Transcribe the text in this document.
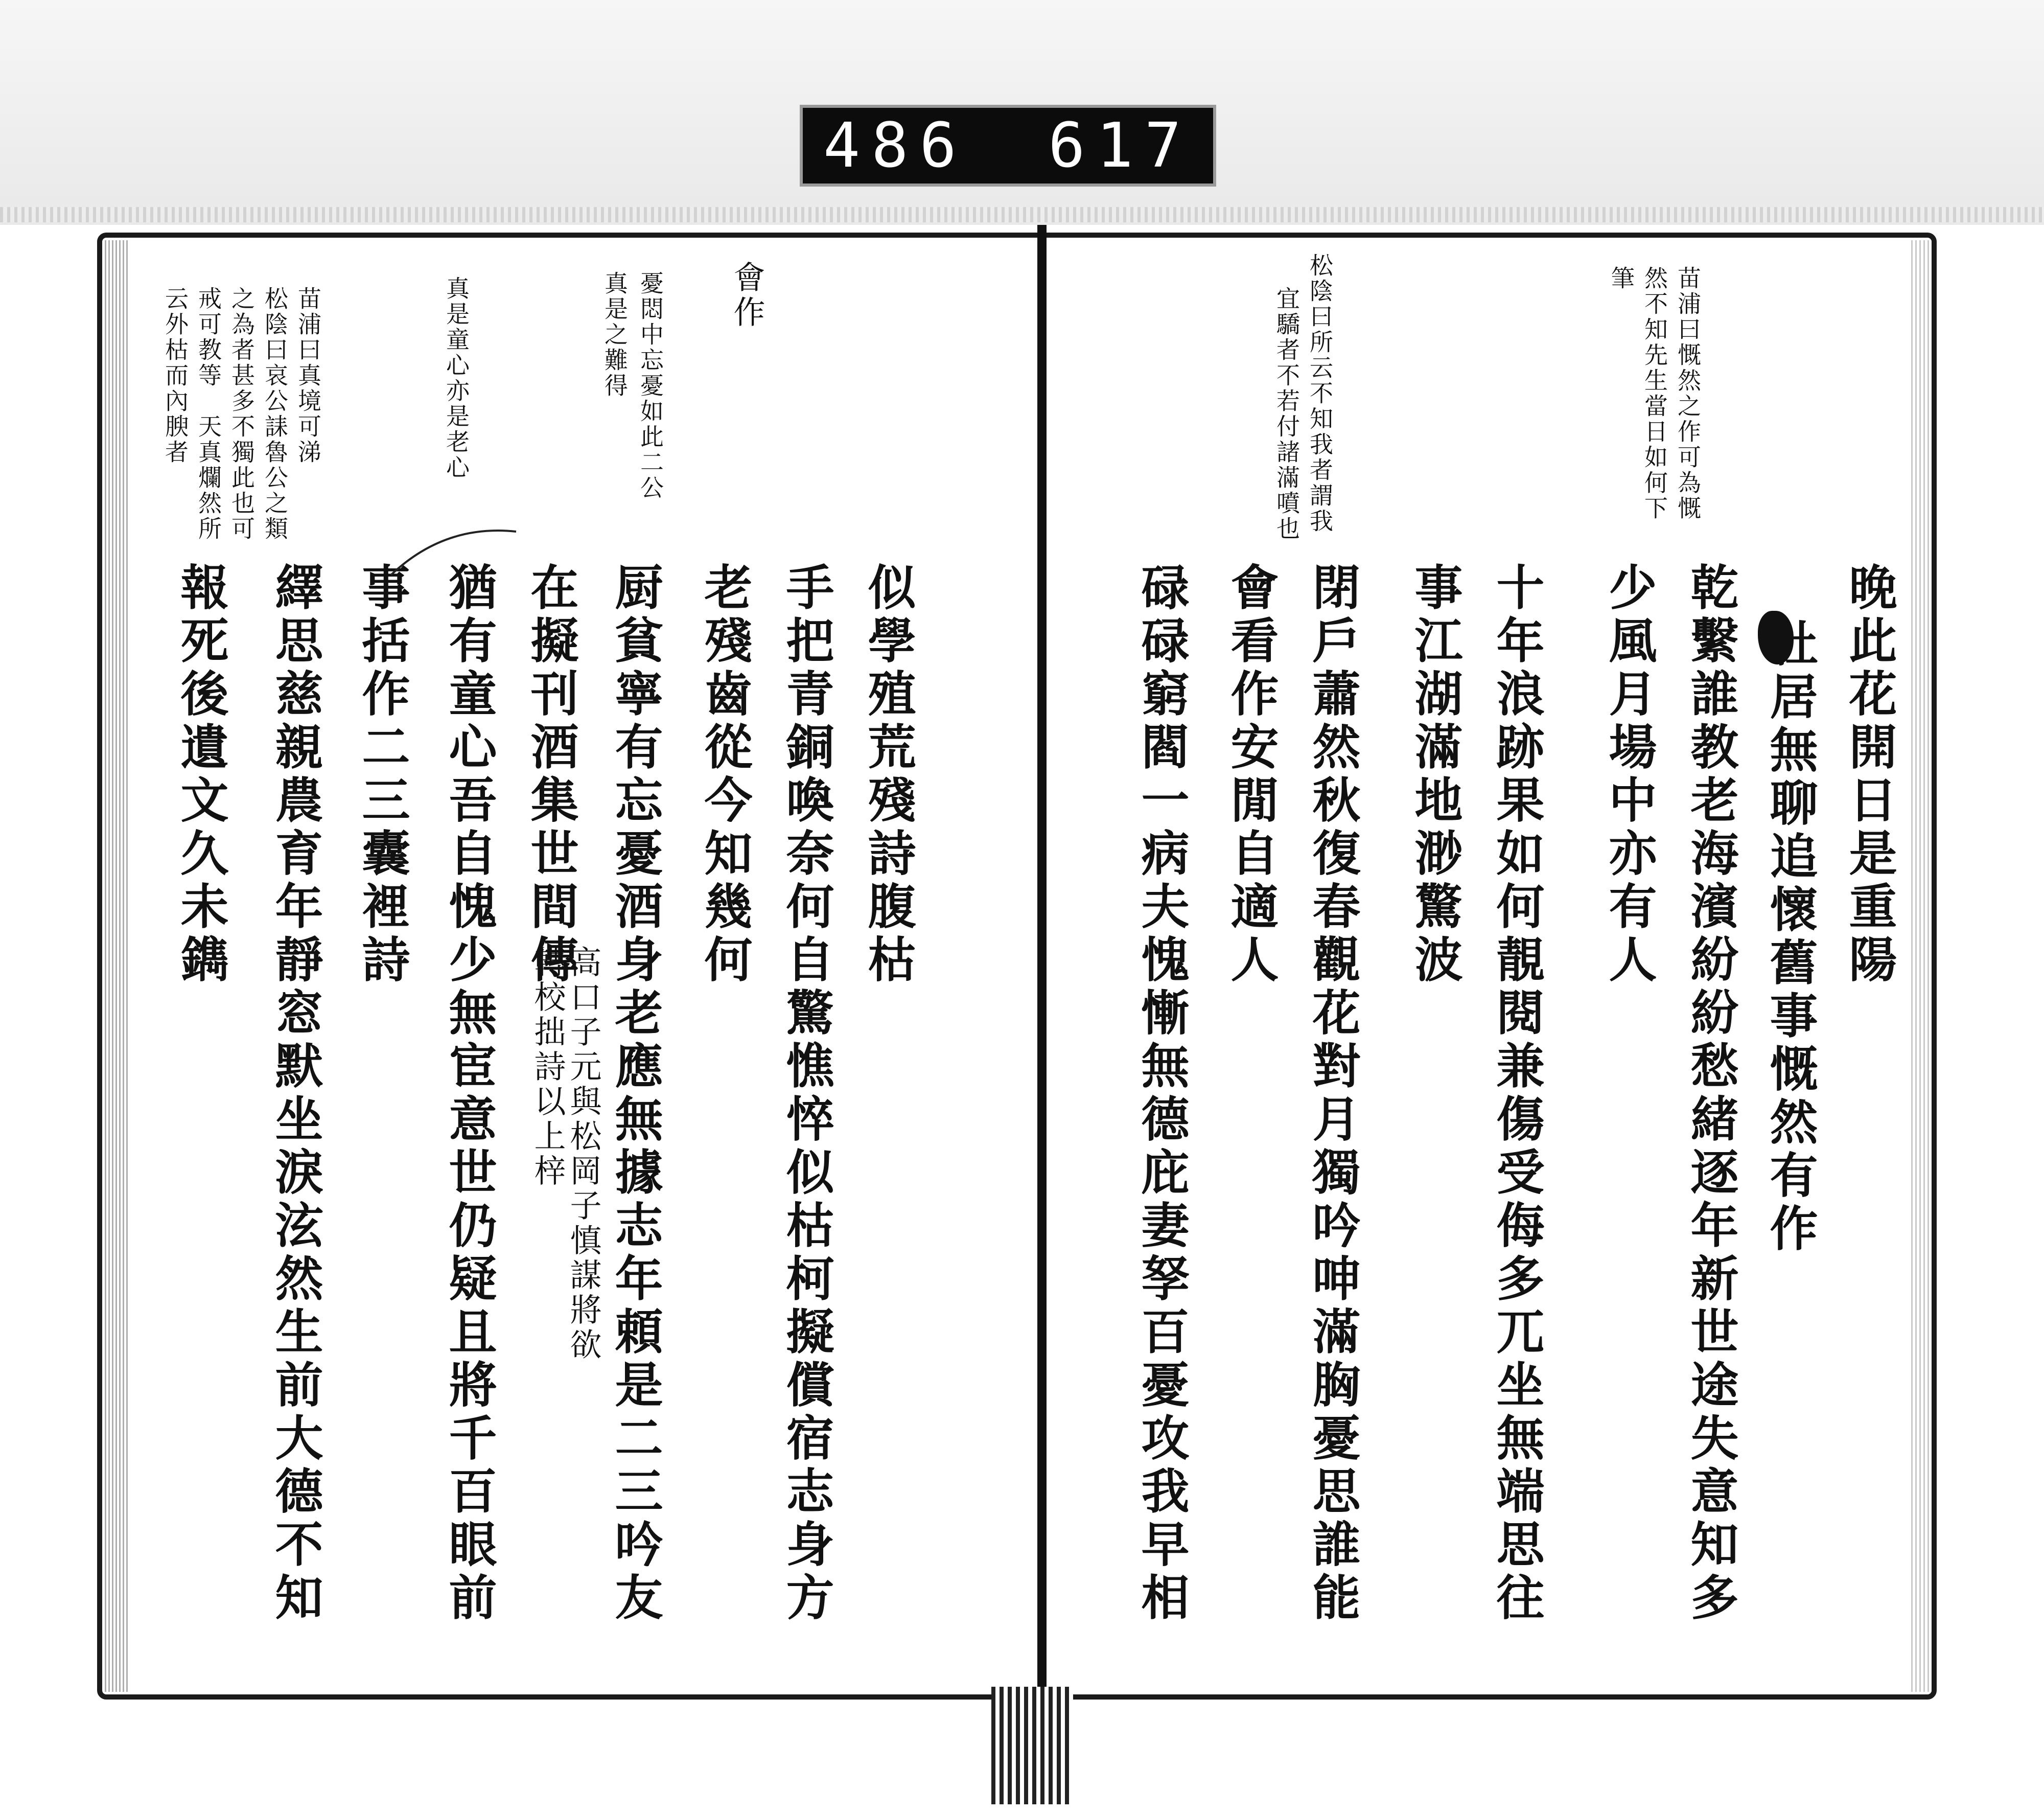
486 617

晚此花開日是重陽

杜居無聊追懷舊事慨然有作

乾繫誰教老海濱紛紛愁緒逐年新世途失意知多

少風月場中亦有人

十年浪跡果如何靚閱兼傷受侮多兀坐無端思往

事江湖滿地渺驚波

閉戶蕭然秋復春觀花對月獨吟呻滿胸憂思誰能

會看作安閒自適人

碌碌窮閻一病夫愧慚無德庇妻孥百憂攻我早相

苗浦曰慨然之作可為慨

然不知先生當日如何下

筆

松陰曰所云不知我者謂我

宜驕者不若付諸滿噴也

會作

似學殖荒殘詩腹枯

手把青銅喚奈何自驚憔悴似枯柯擬償宿志身方

老殘齒從今知幾何

厨貧寧有忘憂酒身老應無據志年頼是二三吟友

在擬刊酒集世間傳

高口子元與松岡子慎謀將欲

轉校拙詩以上梓

猶有童心吾自愧少無宦意世仍疑且將千百眼前

事括作二三囊裡詩

繹思慈親農育年靜窓默坐淚泫然生前大德不知

報死後遺文久未鐫

憂悶中忘憂如此二公

真是之難得

真是童心亦是老心

苗浦曰真境可涕

松陰曰哀公誄魯公之類

之為者甚多不獨此也可

戒可教等　天真爛然所

云外枯而內腴者
